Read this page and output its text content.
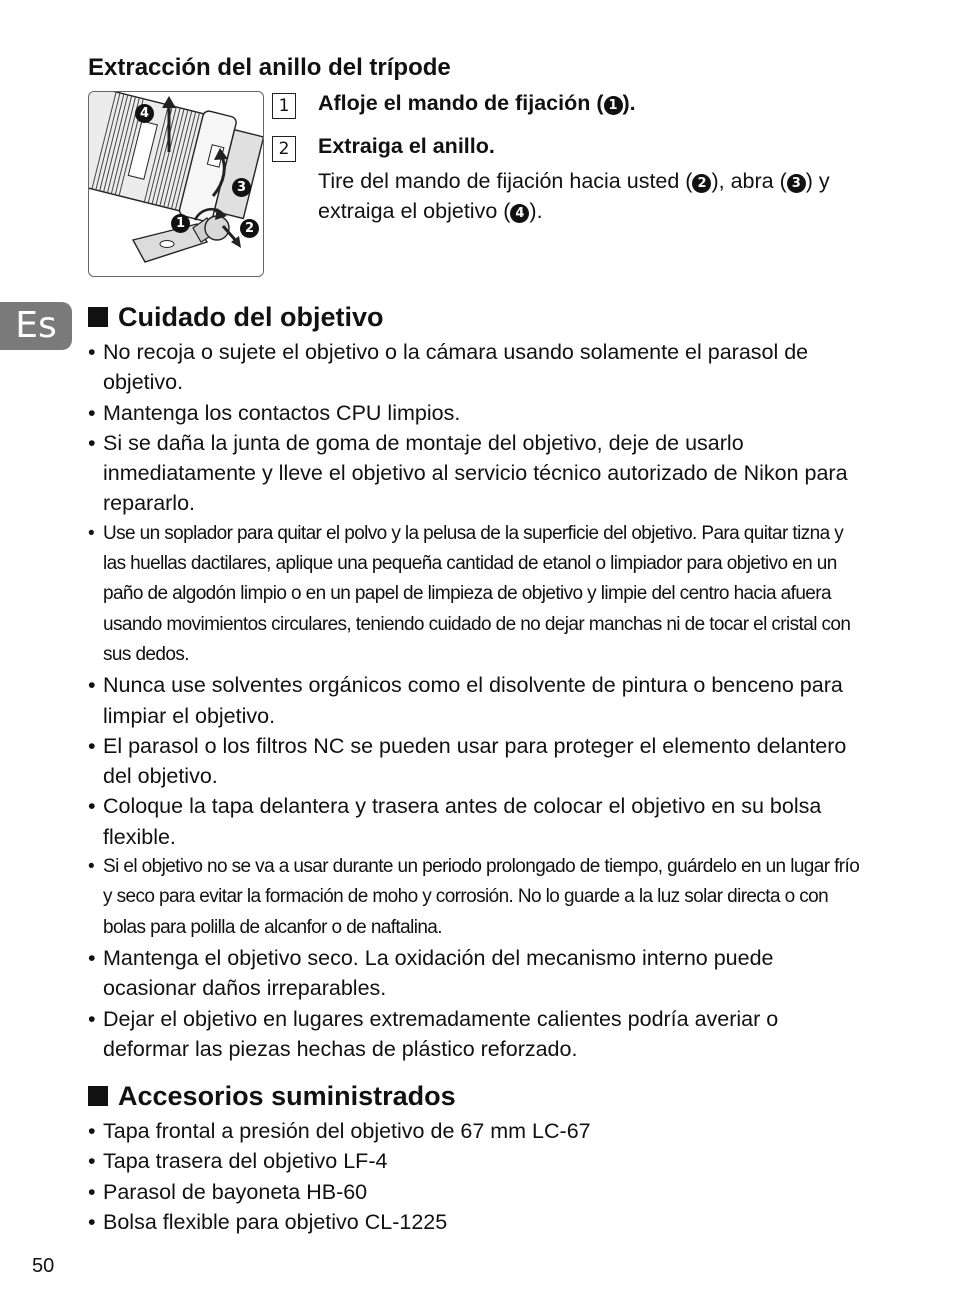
Extracción del anillo del trípode
4
3
1	2
1	Afloje el mando de fijación ( 1 ).
2	Extraiga el anillo.
Tire del mando de fijación hacia usted ( 2 ), abra ( 3 ) y extraiga el objetivo ( 4 ).
Es	Cuidado del objetivo
• No recoja o sujete el objetivo o la cámara usando solamente el parasol de objetivo.
• Mantenga los contactos CPU limpios.
• Si se daña la junta de goma de montaje del objetivo, deje de usarlo inmediatamente y lleve el objetivo al servicio técnico autorizado de Nikon para repararlo.
• Use un soplador para quitar el polvo y la pelusa de la superficie del objetivo. Para quitar tizna y las huellas dactilares, aplique una pequeña cantidad de etanol o limpiador para objetivo en un paño de algodón limpio o en un papel de limpieza de objetivo y limpie del centro hacia afuera usando movimientos circulares, teniendo cuidado de no dejar manchas ni de tocar el cristal con sus dedos.
• Nunca use solventes orgánicos como el disolvente de pintura o benceno para limpiar el objetivo.
• El parasol o los filtros NC se pueden usar para proteger el elemento delantero del objetivo.
• Coloque la tapa delantera y trasera antes de colocar el objetivo en su bolsa flexible.
• Si el objetivo no se va a usar durante un periodo prolongado de tiempo, guárdelo en un lugar frío y seco para evitar la formación de moho y corrosión. No lo guarde a la luz solar directa o con bolas para polilla de alcanfor o de naftalina.
• Mantenga el objetivo seco. La oxidación del mecanismo interno puede ocasionar daños irreparables.
• Dejar el objetivo en lugares extremadamente calientes podría averiar o deformar las piezas hechas de plástico reforzado.
Accesorios suministrados
• Tapa frontal a presión del objetivo de 67 mm LC-67
• Tapa trasera del objetivo LF-4
• Parasol de bayoneta HB-60
• Bolsa flexible para objetivo CL-1225
50
